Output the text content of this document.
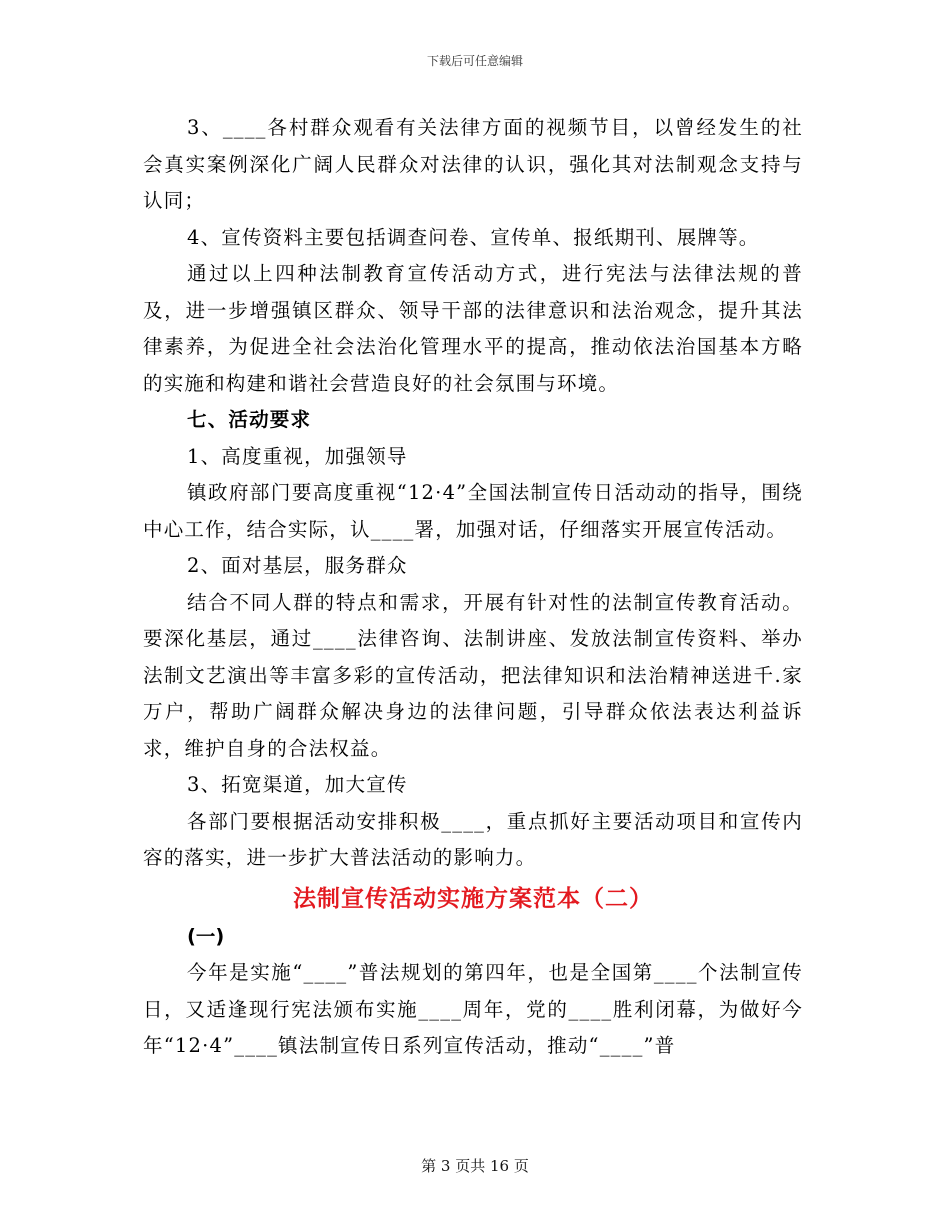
下载后可任意编辑

3、____各村群众观看有关法律方面的视频节目，以曾经发生的社会真实案例深化广阔人民群众对法律的认识，强化其对法制观念支持与认同；

4、宣传资料主要包括调查问卷、宣传单、报纸期刊、展牌等。

通过以上四种法制教育宣传活动方式，进行宪法与法律法规的普及，进一步增强镇区群众、领导干部的法律意识和法治观念，提升其法律素养，为促进全社会法治化管理水平的提高，推动依法治国基本方略的实施和构建和谐社会营造良好的社会氛围与环境。

七、活动要求

1、高度重视，加强领导

镇政府部门要高度重视“12·4”全国法制宣传日活动动的指导，围绕中心工作，结合实际，认____署，加强对话，仔细落实开展宣传活动。

2、面对基层，服务群众

结合不同人群的特点和需求，开展有针对性的法制宣传教育活动。要深化基层，通过____法律咨询、法制讲座、发放法制宣传资料、举办法制文艺演出等丰富多彩的宣传活动，把法律知识和法治精神送进千.家万户，帮助广阔群众解决身边的法律问题，引导群众依法表达利益诉求，维护自身的合法权益。

3、拓宽渠道，加大宣传

各部门要根据活动安排积极____，重点抓好主要活动项目和宣传内容的落实，进一步扩大普法活动的影响力。

法制宣传活动实施方案范本（二）

(一)

今年是实施“____”普法规划的第四年，也是全国第____个法制宣传日，又适逢现行宪法颁布实施____周年，党的____胜利闭幕，为做好今年“12·4”____镇法制宣传日系列宣传活动，推动“____”普

第 3 页共 16 页
